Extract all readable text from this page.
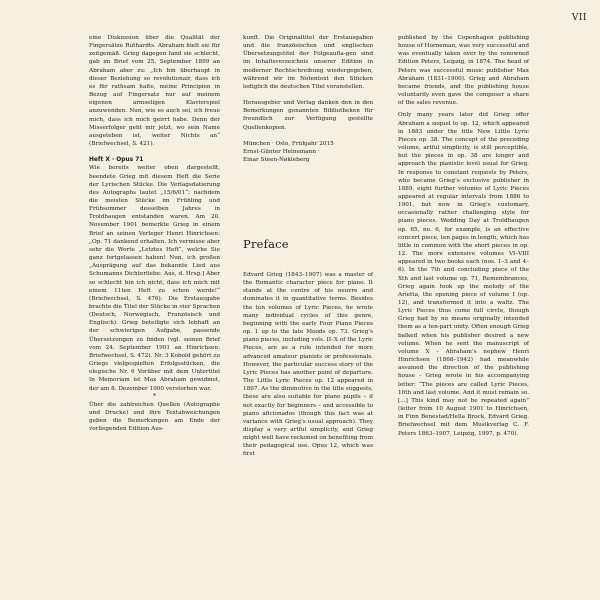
VII

eine Diskussion über die Qualität der Fingersätze Ruthardts. Abraham hielt sie für zeitgemäß. Grieg dagegen fand sie schlecht, gab im Brief vom 25. September 1899 an Abraham aber zu: „Ich bin überhaupt in dieser Beziehung so revolutionair, dass ich es für rathsam halte, meine Principien in Bezug auf Fingersatz nur auf meinem eigenen armseligen Klavierspiel anzuwenden. Nun, wie es auch sei, ich freue mich, dass ich mich geirrt habe. Denn der Misserfolger geht mir jetzt, wo sein Name ausgeteben ist, weiter Nichts an“ (Briefwechsel, S. 421).

Heft X · Opus 71

Wie bereits weiter oben dargestellt, beendete Grieg mit diesem Heft die Serie der Lyrischen Stücke. Die Verlagsdatierung des Autographs lautet „15/6/01“; nachdem die meisten Stücke im Frühling und Frühsommer desselben Jahres in Troldhaugen entstanden waren. Am 20. November 1901 bemerkte Grieg in einem Brief an seinen Verleger Henri Hinrichsen: „Op. 71 dankend erhalten. Ich vermisse aber sehr die Worte „Letztes Heft“, welche Sie ganz fortgelassen haben! Nun, ich großen „Ausprägung auf das bekannte Lied aus Schumanns Dichterliebe: Aus, d. Hrsg.] Aber so schlecht bin ich nicht, dass ich mich mit einem 11ten Heft zu schon werde!“ (Briefwechsel, S. 476). Die Erstausgabe brachte die Titel der Stücke in vier Sprachen (Deutsch, Norwegisch, Französisch und Englisch). Grieg beteiligte sich lebhaft an der schwierigen Aufgabe, passende Übersetzungen zu finden (vgl. seinen Brief vom 24. September 1901 an Hinrichsen: Briefwechsel, S. 472). Nr. 3 Kobold gehört zu Griegs vielgespielten Erfolgsstücken, die elegische Nr. 6 Vorüber mit dem Untertitel In Memoriam ist Max Abraham gewidmet, der am 8. Dezember 1900 verstorben war.

*

Über die zahlreichen Quellen (Autographe und Drucke) und ihre Textabweichungen geben die Bemerkungen am Ende der vorliegenden Edition Aus-

kunft. Die Originaltitel der Erstausgaben und die französischen und englischen Übersetzungstitel der Folgeaufla-gen sind im Inhaltsverzeichnis unserer Edition in moderner Rechtschreibung wiedergegeben, während wir im Notentext den Stücken lediglich die deutschen Titel voranstellen.

Herausgeber und Verlag danken den in den Bemerkungen genannten Bibliotheken für freundlich zur Verfügung gestellte Quellenkopien.

München · Oslo, Frühjahr 2015

Ernst-Günter Heinemann ·

Einar Steen-Nøkleberg

Preface

Edvard Grieg (1843–1907) was a master of the Romantic character piece for piano. It stands at the centre of his oeuvre and dominates it in quantitative terms. Besides the ten volumes of Lyric Pieces, he wrote many individual cycles of this genre, beginning with the early Four Piano Pieces op. 1 up to the late Moods op. 73. Grieg’s piano pieces, including vols. II–X of the Lyric Pieces, are as a rule intended for more advanced amateur pianists or professionals. However, the particular success story of the Lyric Pieces has another point of departure. The Little Lyric Pieces op. 12 appeared in 1867. As the diminutive in the title suggests, these are also suitable for piano pupils – if not exactly for beginners – and accessible to piano aficionados (though this fact was at variance with Grieg’s usual approach). They display a very artful simplicity, and Grieg might well have reckoned on benefiting from their pedagogical use. Opus 12, which was first

published by the Copenhagen publishing house of Horneman, was very successful and was eventually taken over by the renowned Edition Peters, Leipzig, in 1874. The head of Peters was successful music publisher Max Abraham (1831–1900). Grieg and Abraham became friends, and the publishing house voluntarily even gave the composer a share of the sales revenue.

Only many years later did Grieg offer Abraham a sequel to op. 12, which appeared in 1883 under the title New Little Lyric Pieces op. 38. The concept of the preceding volume, artful simplicity, is still perceptible, but the pieces in op. 38 are longer and approach the pianistic level usual for Grieg. In response to constant requests by Peters, who became Grieg’s exclusive publisher in 1889, eight further volumes of Lyric Pieces appeared at regular intervals from 1886 to 1901, but now in Grieg’s customary, occasionally rather challenging style for piano pieces. Wedding Day at Troldhaugen op. 65, no. 6, for example, is an effective concert piece, ten pages in length, which has little in common with the short pieces in op. 12. The more extensive volumes VI–VIII appeared in two books each (nos. 1–3 and 4–6). In the 7th and concluding piece of the Xth and last volume op. 71, Remembrances, Grieg again took up the melody of the Arietta, the opening piece of volume I (op. 12), and transformed it into a waltz. The Lyric Pieces thus come full circle, though Grieg had by no means originally intended them as a ten-part unity. Often enough Grieg balked when his publisher desired a new volume. When he sent the manuscript of volume X – Abraham’s nephew Henri Hinrichsen (1868–1942) had meanwhile assumed the direction of the publishing house – Grieg wrote in his accompanying letter: “The pieces are called Lyric Pieces, 10th and last volume. And it must remain so. [...] This kind may not be repeated again” (letter from 10 August 1901 to Hinrichsen, in Finn Benestad/Hella Brock, Edvard Grieg. Briefwechsel mit dem Musikverlag C. F. Peters 1863–1907, Leipzig, 1997, p. 470).
